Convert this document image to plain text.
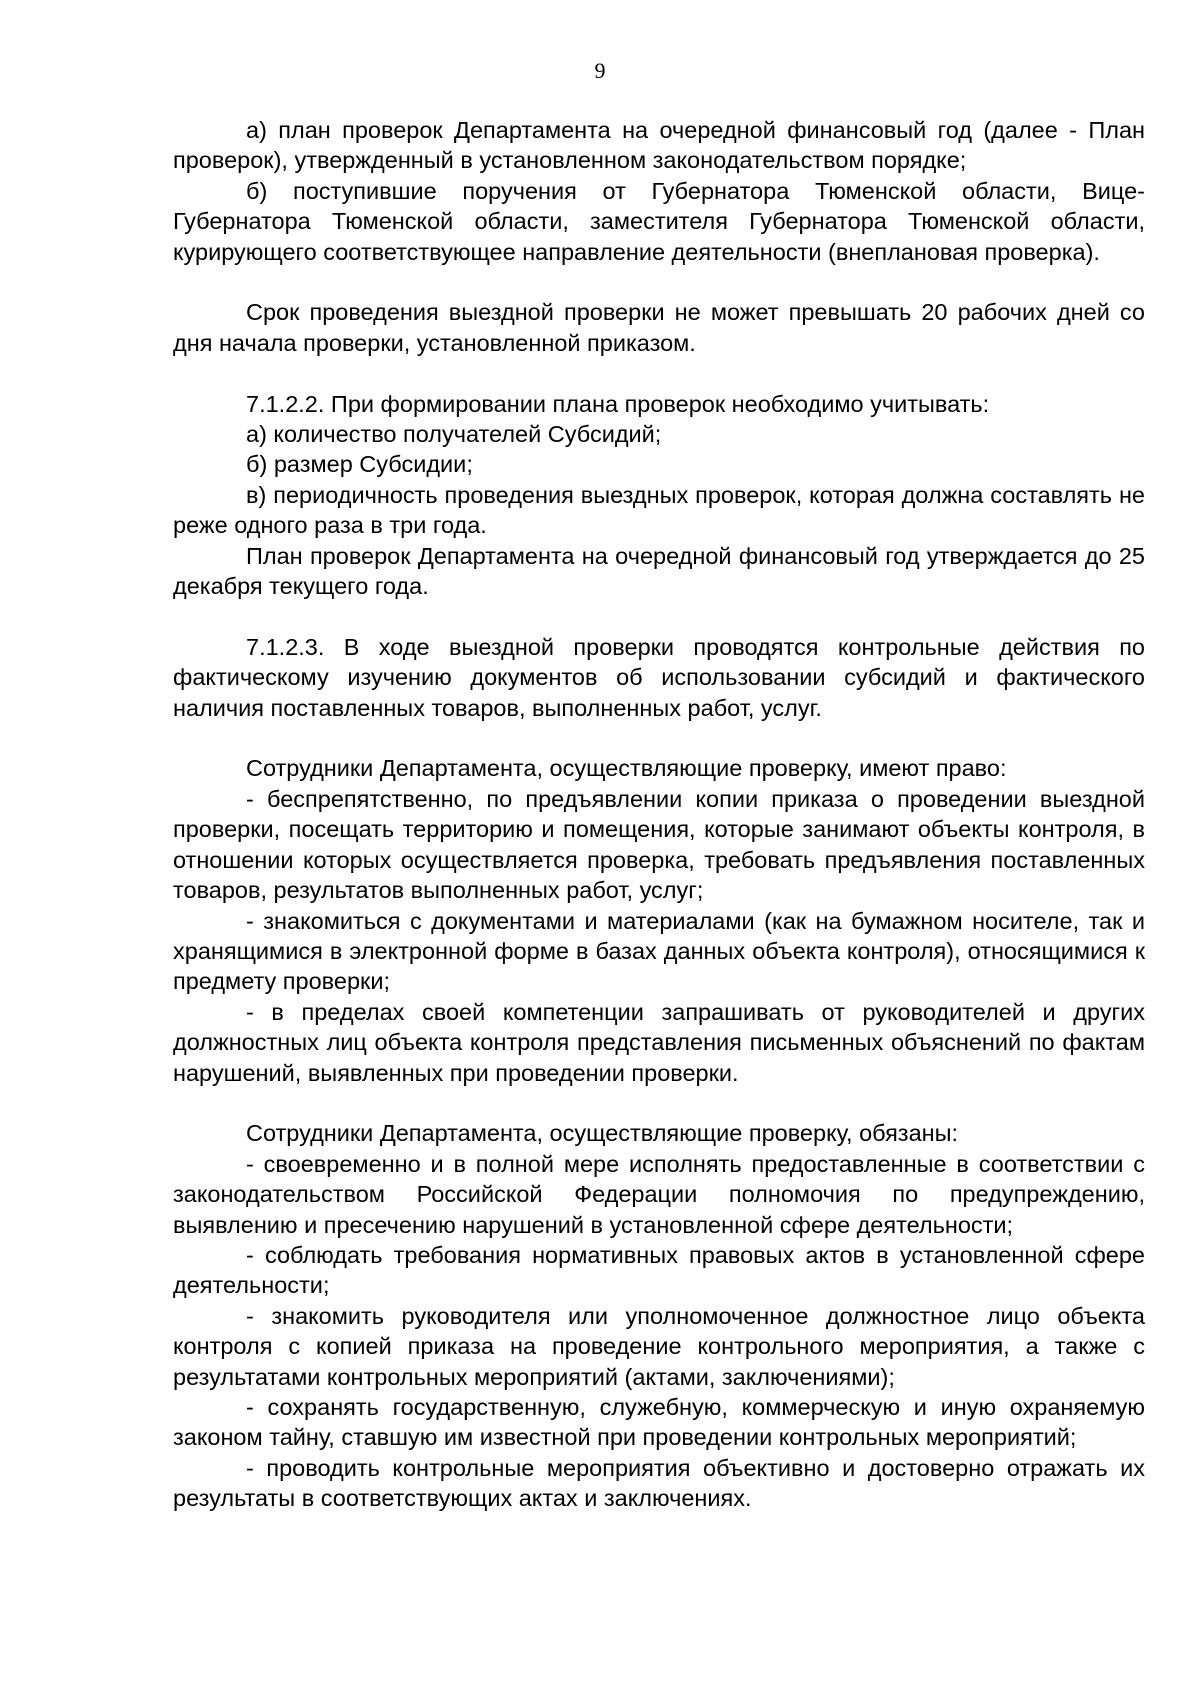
9

а) план проверок Департамента на очередной финансовый год (далее - План проверок), утвержденный в установленном законодательством порядке;

б) поступившие поручения от Губернатора Тюменской области, Вице-Губернатора Тюменской области, заместителя Губернатора Тюменской области, курирующего соответствующее направление деятельности (внеплановая проверка).

Срок проведения выездной проверки не может превышать 20 рабочих дней со дня начала проверки, установленной приказом.

7.1.2.2. При формировании плана проверок необходимо учитывать:

а) количество получателей Субсидий;

б) размер Субсидии;

в) периодичность проведения выездных проверок, которая должна составлять не реже одного раза в три года.

План проверок Департамента на очередной финансовый год утверждается до 25 декабря текущего года.

7.1.2.3. В ходе выездной проверки проводятся контрольные действия по фактическому изучению документов об использовании субсидий и фактического наличия поставленных товаров, выполненных работ, услуг.

Сотрудники Департамента, осуществляющие проверку, имеют право:

- беспрепятственно, по предъявлении копии приказа о проведении выездной проверки, посещать территорию и помещения, которые занимают объекты контроля, в отношении которых осуществляется проверка, требовать предъявления поставленных товаров, результатов выполненных работ, услуг;

- знакомиться с документами и материалами (как на бумажном носителе, так и хранящимися в электронной форме в базах данных объекта контроля), относящимися к предмету проверки;

- в пределах своей компетенции запрашивать от руководителей и других должностных лиц объекта контроля представления письменных объяснений по фактам нарушений, выявленных при проведении проверки.

Сотрудники Департамента, осуществляющие проверку, обязаны:

- своевременно и в полной мере исполнять предоставленные в соответствии с законодательством Российской Федерации полномочия по предупреждению, выявлению и пресечению нарушений в установленной сфере деятельности;

- соблюдать требования нормативных правовых актов в установленной сфере деятельности;

- знакомить руководителя или уполномоченное должностное лицо объекта контроля с копией приказа на проведение контрольного мероприятия, а также с результатами контрольных мероприятий (актами, заключениями);

- сохранять государственную, служебную, коммерческую и иную охраняемую законом тайну, ставшую им известной при проведении контрольных мероприятий;

- проводить контрольные мероприятия объективно и достоверно отражать их результаты в соответствующих актах и заключениях.
